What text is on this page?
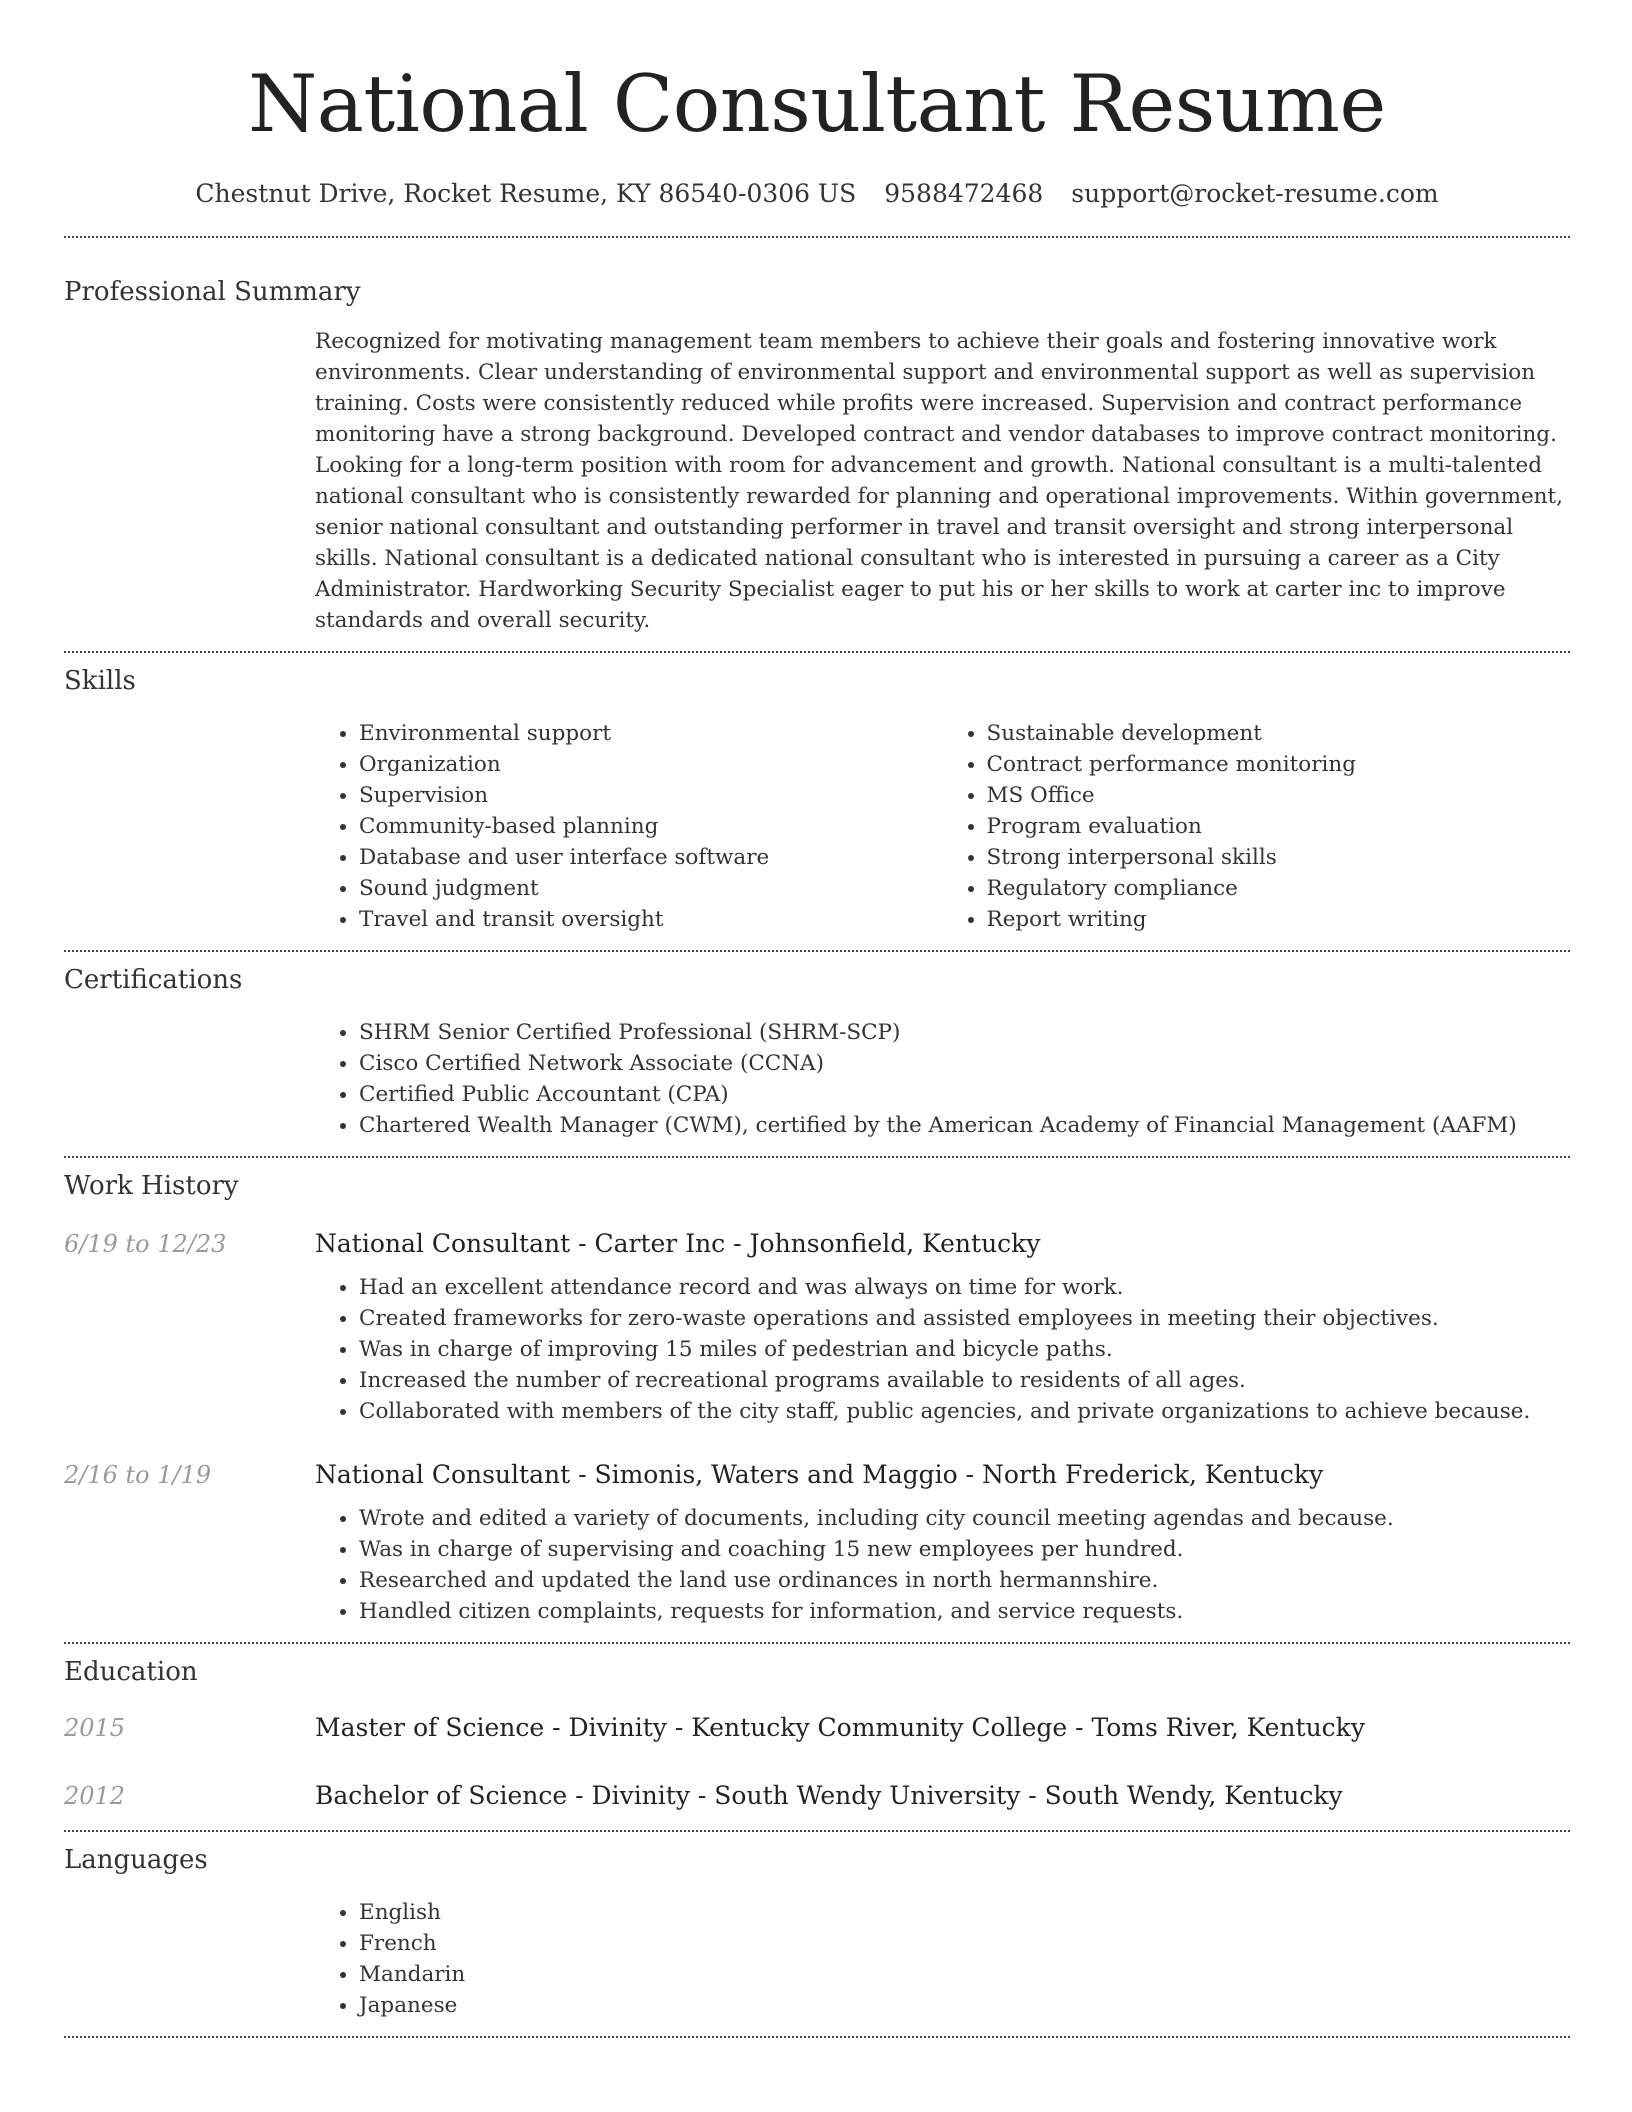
National Consultant Resume
Chestnut Drive, Rocket Resume, KY 86540-0306 US 9588472468 support@rocket-resume.com
Professional Summary

Recognized for motivating management team members to achieve their goals and fostering innovative work environments. Clear understanding of environmental support and environmental support as well as supervision training. Costs were consistently reduced while profits were increased. Supervision and contract performance monitoring have a strong background. Developed contract and vendor databases to improve contract monitoring. Looking for a long-term position with room for advancement and growth. National consultant is a multi-talented national consultant who is consistently rewarded for planning and operational improvements. Within government, senior national consultant and outstanding performer in travel and transit oversight and strong interpersonal skills. National consultant is a dedicated national consultant who is interested in pursuing a career as a City Administrator. Hardworking Security Specialist eager to put his or her skills to work at carter inc to improve standards and overall security.

Skills
• Environmental support
• Organization
• Supervision
• Community-based planning
• Database and user interface software
• Sound judgment
• Travel and transit oversight
• Sustainable development
• Contract performance monitoring
• MS Office
• Program evaluation
• Strong interpersonal skills
• Regulatory compliance
• Report writing
Certifications
• SHRM Senior Certified Professional (SHRM-SCP)
• Cisco Certified Network Associate (CCNA)
• Certified Public Accountant (CPA)
• Chartered Wealth Manager (CWM), certified by the American Academy of Financial Management (AAFM)
Work History
6/19 to 12/23	National Consultant - Carter Inc - Johnsonfield, Kentucky
• Had an excellent attendance record and was always on time for work.
• Created frameworks for zero-waste operations and assisted employees in meeting their objectives.
• Was in charge of improving 15 miles of pedestrian and bicycle paths.
• Increased the number of recreational programs available to residents of all ages.
• Collaborated with members of the city staff, public agencies, and private organizations to achieve because.
2/16 to 1/19	National Consultant - Simonis, Waters and Maggio - North Frederick, Kentucky
• Wrote and edited a variety of documents, including city council meeting agendas and because.
• Was in charge of supervising and coaching 15 new employees per hundred.
• Researched and updated the land use ordinances in north hermannshire.
• Handled citizen complaints, requests for information, and service requests.
Education
2015	Master of Science - Divinity - Kentucky Community College - Toms River, Kentucky
2012	Bachelor of Science - Divinity - South Wendy University - South Wendy, Kentucky
Languages
• English
• French
• Mandarin
• Japanese
